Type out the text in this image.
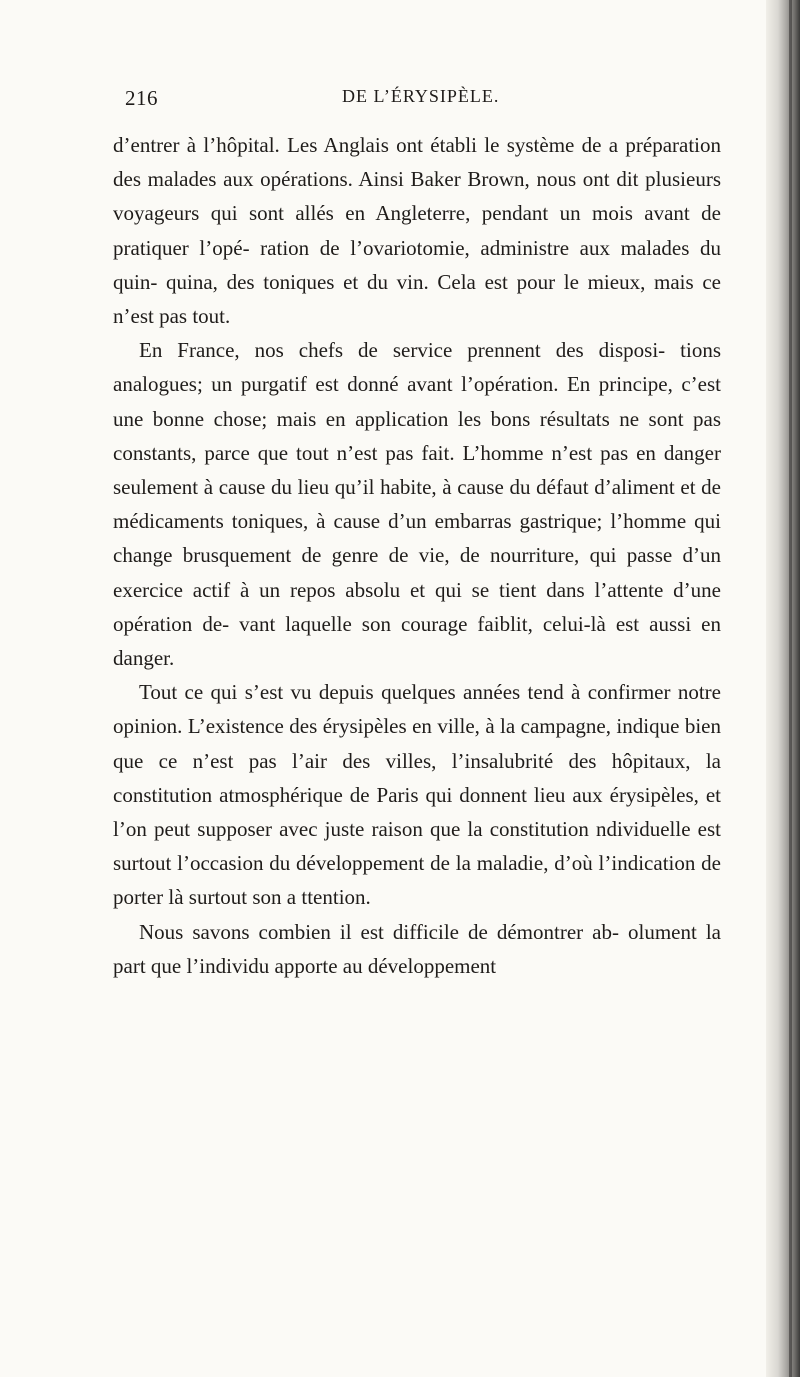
216	DE L’ÉRYSIPÈLE.

d’entrer à l’hôpital. Les Anglais ont établi le système de a préparation des malades aux opérations. Ainsi Baker Brown, nous ont dit plusieurs voyageurs qui sont allés en Angleterre, pendant un mois avant de pratiquer l’opé- ration de l’ovariotomie, administre aux malades du quin- quina, des toniques et du vin. Cela est pour le mieux, mais ce n’est pas tout.

En France, nos chefs de service prennent des disposi- tions analogues; un purgatif est donné avant l’opération. En principe, c’est une bonne chose; mais en application les bons résultats ne sont pas constants, parce que tout n’est pas fait. L’homme n’est pas en danger seulement à cause du lieu qu’il habite, à cause du défaut d’aliment et de médicaments toniques, à cause d’un embarras gastrique; l’homme qui change brusquement de genre de vie, de nourriture, qui passe d’un exercice actif à un repos absolu et qui se tient dans l’attente d’une opération de- vant laquelle son courage faiblit, celui-là est aussi en danger.

Tout ce qui s’est vu depuis quelques années tend à confirmer notre opinion. L’existence des érysipèles en ville, à la campagne, indique bien que ce n’est pas l’air des villes, l’insalubrité des hôpitaux, la constitution atmosphérique de Paris qui donnent lieu aux érysipèles, et l’on peut supposer avec juste raison que la constitution ndividuelle est surtout l’occasion du développement de la maladie, d’où l’indication de porter là surtout son a ttention.

Nous savons combien il est difficile de démontrer ab- olument la part que l’individu apporte au développement
